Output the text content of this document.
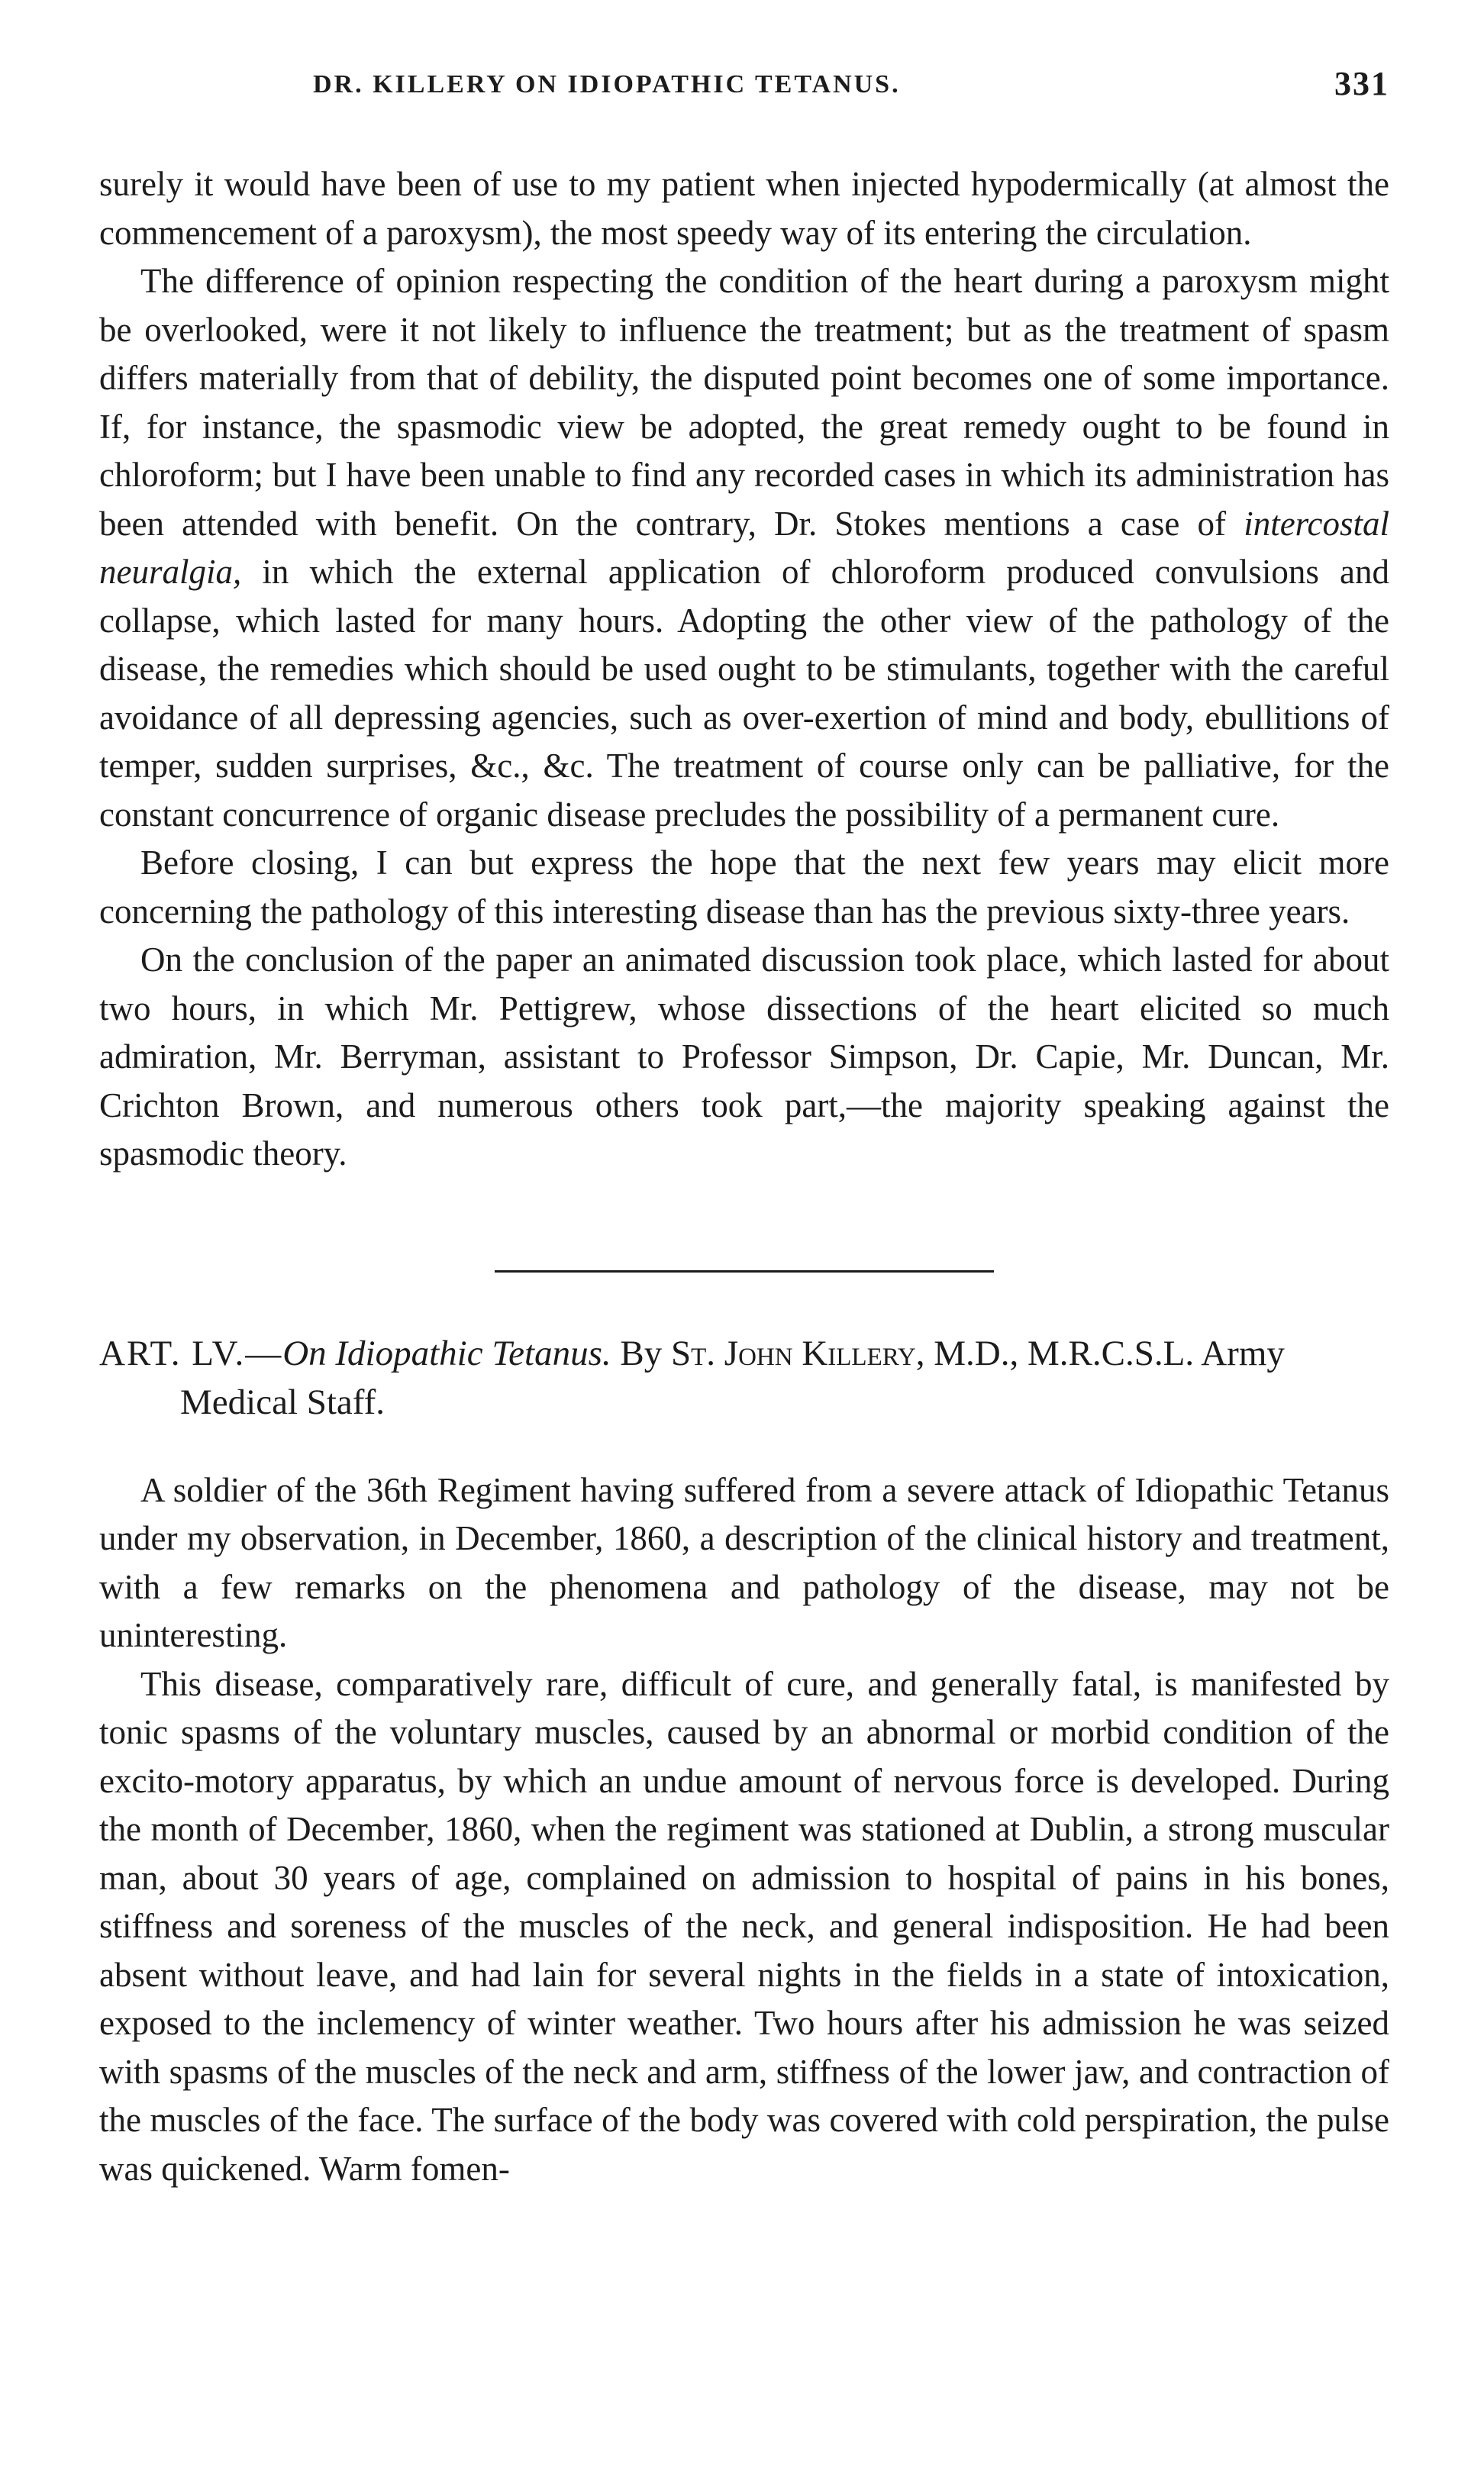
DR. KILLERY ON IDIOPATHIC TETANUS.	331

surely it would have been of use to my patient when injected hypodermically (at almost the commencement of a paroxysm), the most speedy way of its entering the circulation.

The difference of opinion respecting the condition of the heart during a paroxysm might be overlooked, were it not likely to influence the treatment; but as the treatment of spasm differs materially from that of debility, the disputed point becomes one of some importance. If, for instance, the spasmodic view be adopted, the great remedy ought to be found in chloroform; but I have been unable to find any recorded cases in which its administration has been attended with benefit. On the contrary, Dr. Stokes mentions a case of intercostal neuralgia, in which the external application of chloroform produced convulsions and collapse, which lasted for many hours. Adopting the other view of the pathology of the disease, the remedies which should be used ought to be stimulants, together with the careful avoidance of all depressing agencies, such as over-exertion of mind and body, ebullitions of temper, sudden surprises, &c., &c. The treatment of course only can be palliative, for the constant concurrence of organic disease precludes the possibility of a permanent cure.

Before closing, I can but express the hope that the next few years may elicit more concerning the pathology of this interesting disease than has the previous sixty-three years.

On the conclusion of the paper an animated discussion took place, which lasted for about two hours, in which Mr. Pettigrew, whose dissections of the heart elicited so much admiration, Mr. Berryman, assistant to Professor Simpson, Dr. Capie, Mr. Duncan, Mr. Crichton Brown, and numerous others took part,—the majority speaking against the spasmodic theory.

ART. LV.—On Idiopathic Tetanus. By St. John Killery, M.D., M.R.C.S.L. Army Medical Staff.

A soldier of the 36th Regiment having suffered from a severe attack of Idiopathic Tetanus under my observation, in December, 1860, a description of the clinical history and treatment, with a few remarks on the phenomena and pathology of the disease, may not be uninteresting.

This disease, comparatively rare, difficult of cure, and generally fatal, is manifested by tonic spasms of the voluntary muscles, caused by an abnormal or morbid condition of the excito-motory apparatus, by which an undue amount of nervous force is developed. During the month of December, 1860, when the regiment was stationed at Dublin, a strong muscular man, about 30 years of age, complained on admission to hospital of pains in his bones, stiffness and soreness of the muscles of the neck, and general indisposition. He had been absent without leave, and had lain for several nights in the fields in a state of intoxication, exposed to the inclemency of winter weather. Two hours after his admission he was seized with spasms of the muscles of the neck and arm, stiffness of the lower jaw, and contraction of the muscles of the face. The surface of the body was covered with cold perspiration, the pulse was quickened. Warm fomen-
